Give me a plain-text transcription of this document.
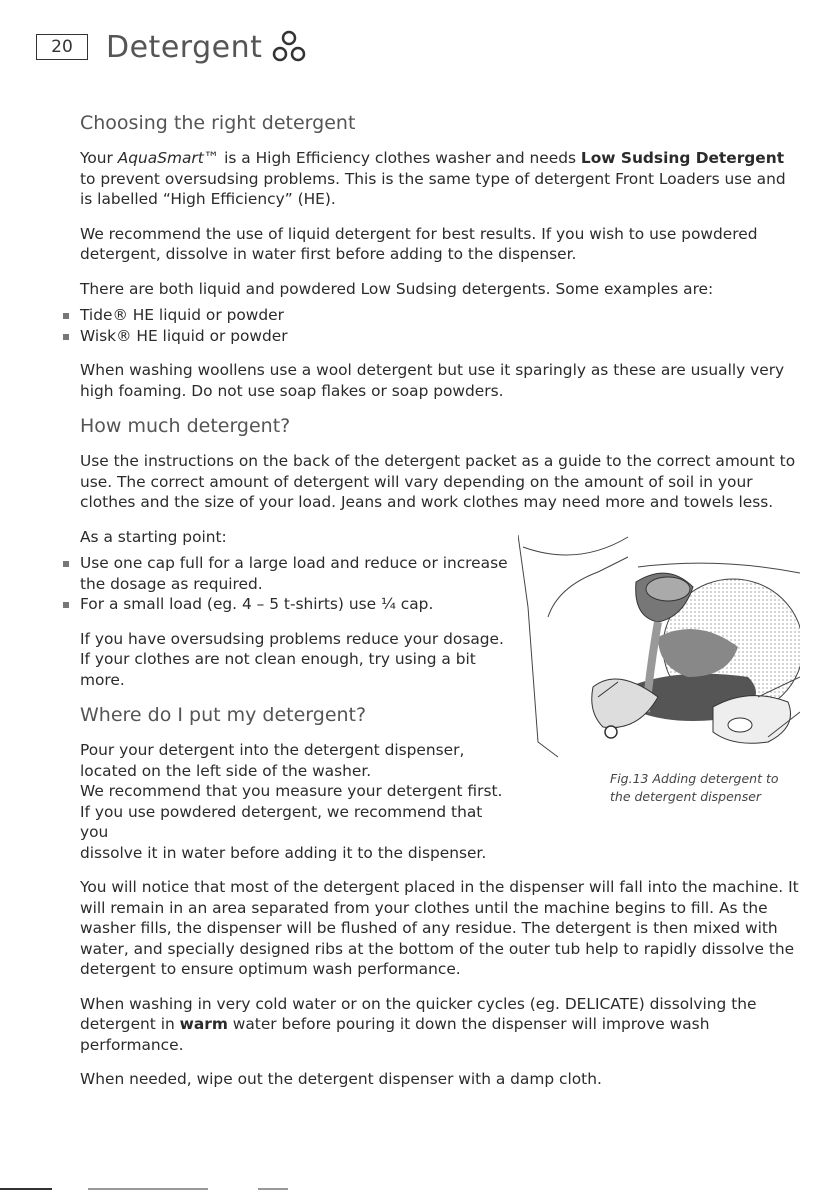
20	Detergent
Choosing the right detergent

Your AquaSmart™ is a High Efficiency clothes washer and needs Low Sudsing Detergent to prevent oversudsing problems. This is the same type of detergent Front Loaders use and is labelled “High Efficiency” (HE).

We recommend the use of liquid detergent for best results. If you wish to use powdered detergent, dissolve in water first before adding to the dispenser.

There are both liquid and powdered Low Sudsing detergents. Some examples are:

Tide® HE liquid or powder
Wisk® HE liquid or powder

When washing woollens use a wool detergent but use it sparingly as these are usually very high foaming. Do not use soap flakes or soap powders.

How much detergent?

Use the instructions on the back of the detergent packet as a guide to the correct amount to use. The correct amount of detergent will vary depending on the amount of soil in your clothes and the size of your load. Jeans and work clothes may need more and towels less.

Fig.13 Adding detergent to
the detergent dispenser

As a starting point:

Use one cap full for a large load and reduce or increase the dosage as required.
For a small load (eg. 4 – 5 t-shirts) use ¼ cap.

If you have oversudsing problems reduce your dosage.
If your clothes are not clean enough, try using a bit more.

Where do I put my detergent?

Pour your detergent into the detergent dispenser,
located on the left side of the washer.
We recommend that you measure your detergent first.
If you use powdered detergent, we recommend that you
dissolve it in water before adding it to the dispenser.

You will notice that most of the detergent placed in the dispenser will fall into the machine. It will remain in an area separated from your clothes until the machine begins to fill. As the washer fills, the dispenser will be flushed of any residue. The detergent is then mixed with water, and specially designed ribs at the bottom of the outer tub help to rapidly dissolve the detergent to ensure optimum wash performance.

When washing in very cold water or on the quicker cycles (eg. DELICATE) dissolving the detergent in warm water before pouring it down the dispenser will improve wash performance.

When needed, wipe out the detergent dispenser with a damp cloth.
